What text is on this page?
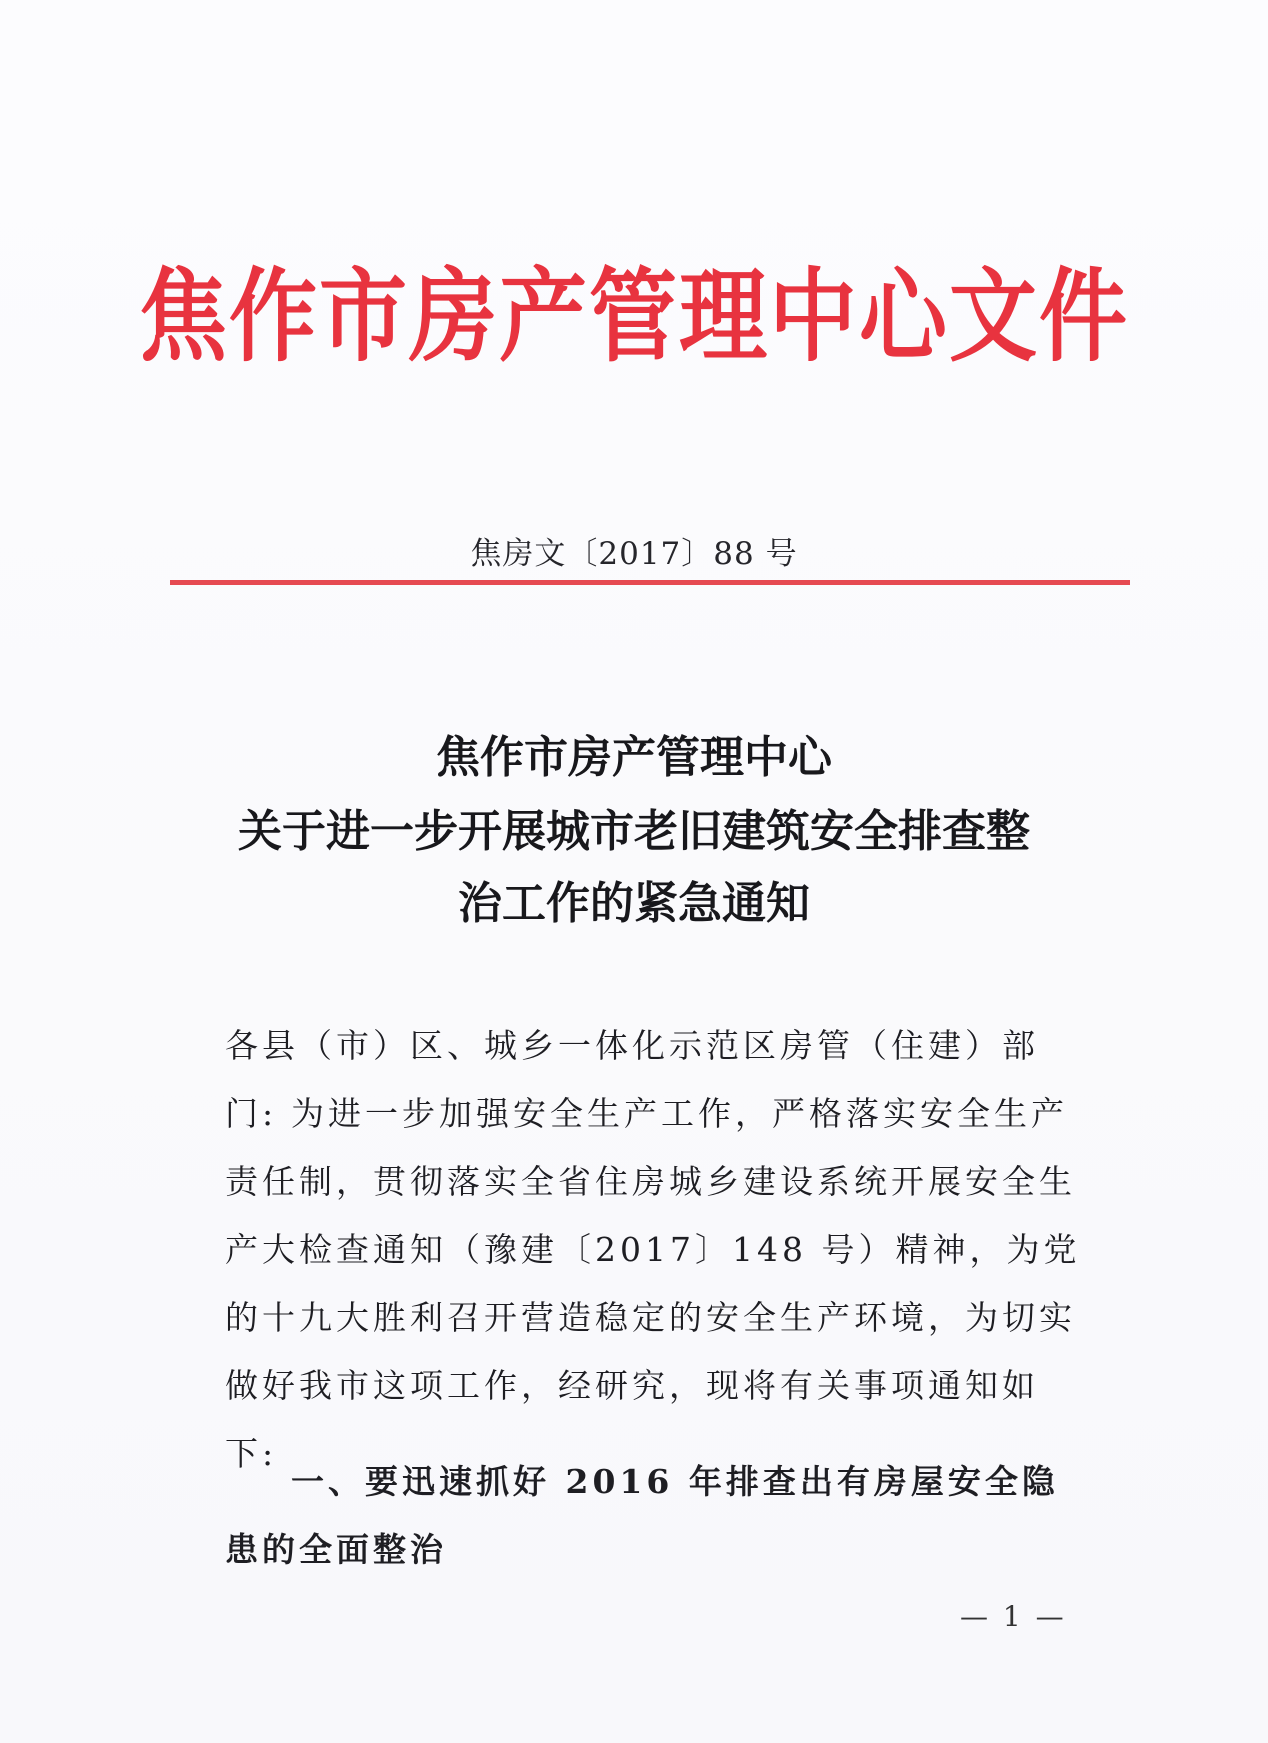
焦作市房产管理中心文件
焦房文〔2017〕88 号
焦作市房产管理中心
关于进一步开展城市老旧建筑安全排查整
治工作的紧急通知
各县（市）区、城乡一体化示范区房管（住建）部门: 为进一步加强安全生产工作，严格落实安全生产责任制，贯彻落实全省住房城乡建设系统开展安全生产大检查通知（豫建〔2017〕148 号）精神，为党的十九大胜利召开营造稳定的安全生产环境，为切实做好我市这项工作，经研究，现将有关事项通知如下:
一、要迅速抓好 2016 年排查出有房屋安全隐患的全面整治
— 1 —
